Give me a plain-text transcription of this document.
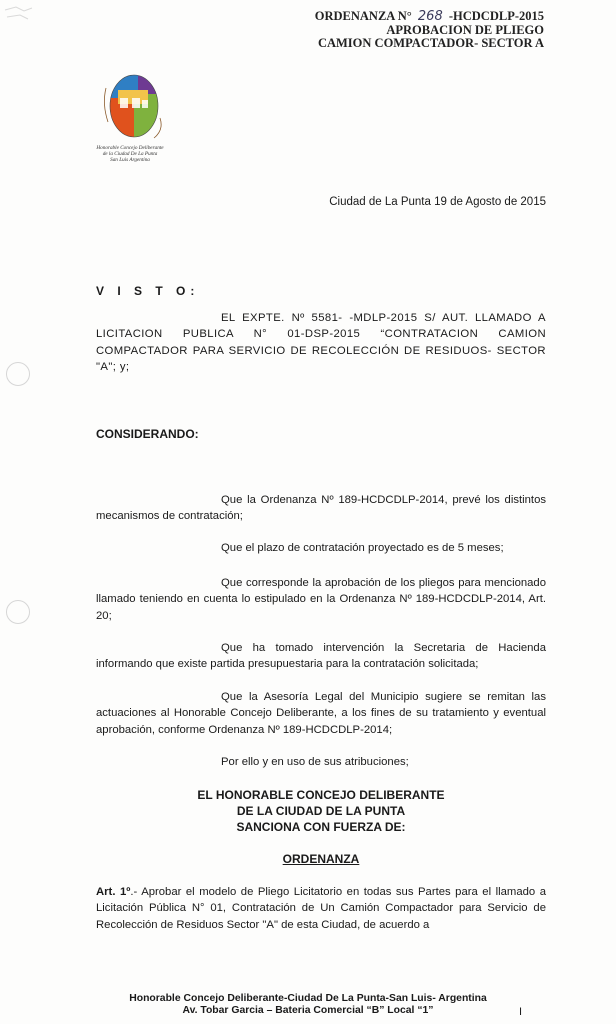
ORDENANZA N° 268 -HCDCDLP-2015
APROBACION DE PLIEGO
CAMION COMPACTADOR- SECTOR A
Honorable Concejo Deliberante
de la Ciudad De La Punta
San Luis Argentina
Ciudad de La Punta 19 de Agosto de 2015
V I S T O:
EL EXPTE. Nº 5581- -MDLP-2015 S/ AUT. LLAMADO A LICITACION PUBLICA N° 01-DSP-2015 “CONTRATACION CAMION COMPACTADOR PARA SERVICIO DE RECOLECCIÓN DE RESIDUOS- SECTOR "A"; y;
CONSIDERANDO:
Que la Ordenanza Nº 189-HCDCDLP-2014, prevé los distintos mecanismos de contratación;
Que el plazo de contratación proyectado es de 5 meses;
Que corresponde la aprobación de los pliegos para mencionado llamado teniendo en cuenta lo estipulado en la Ordenanza Nº 189-HCDCDLP-2014, Art. 20;
Que ha tomado intervención la Secretaria de Hacienda informando que existe partida presupuestaria para la contratación solicitada;
Que la Asesoría Legal del Municipio sugiere se remitan las actuaciones al Honorable Concejo Deliberante, a los fines de su tratamiento y eventual aprobación, conforme Ordenanza Nº 189-HCDCDLP-2014;
Por ello y en uso de sus atribuciones;
EL HONORABLE CONCEJO DELIBERANTE
DE LA CIUDAD DE LA PUNTA
SANCIONA CON FUERZA DE:
ORDENANZA
Art. 1º.- Aprobar el modelo de Pliego Licitatorio en todas sus Partes para el llamado a Licitación Pública N° 01, Contratación de Un Camión Compactador para Servicio de Recolección de Residuos Sector "A" de esta Ciudad, de acuerdo a
Honorable Concejo Deliberante-Ciudad De La Punta-San Luis- Argentina
Av. Tobar Garcia – Bateria Comercial “B” Local “1”	I
